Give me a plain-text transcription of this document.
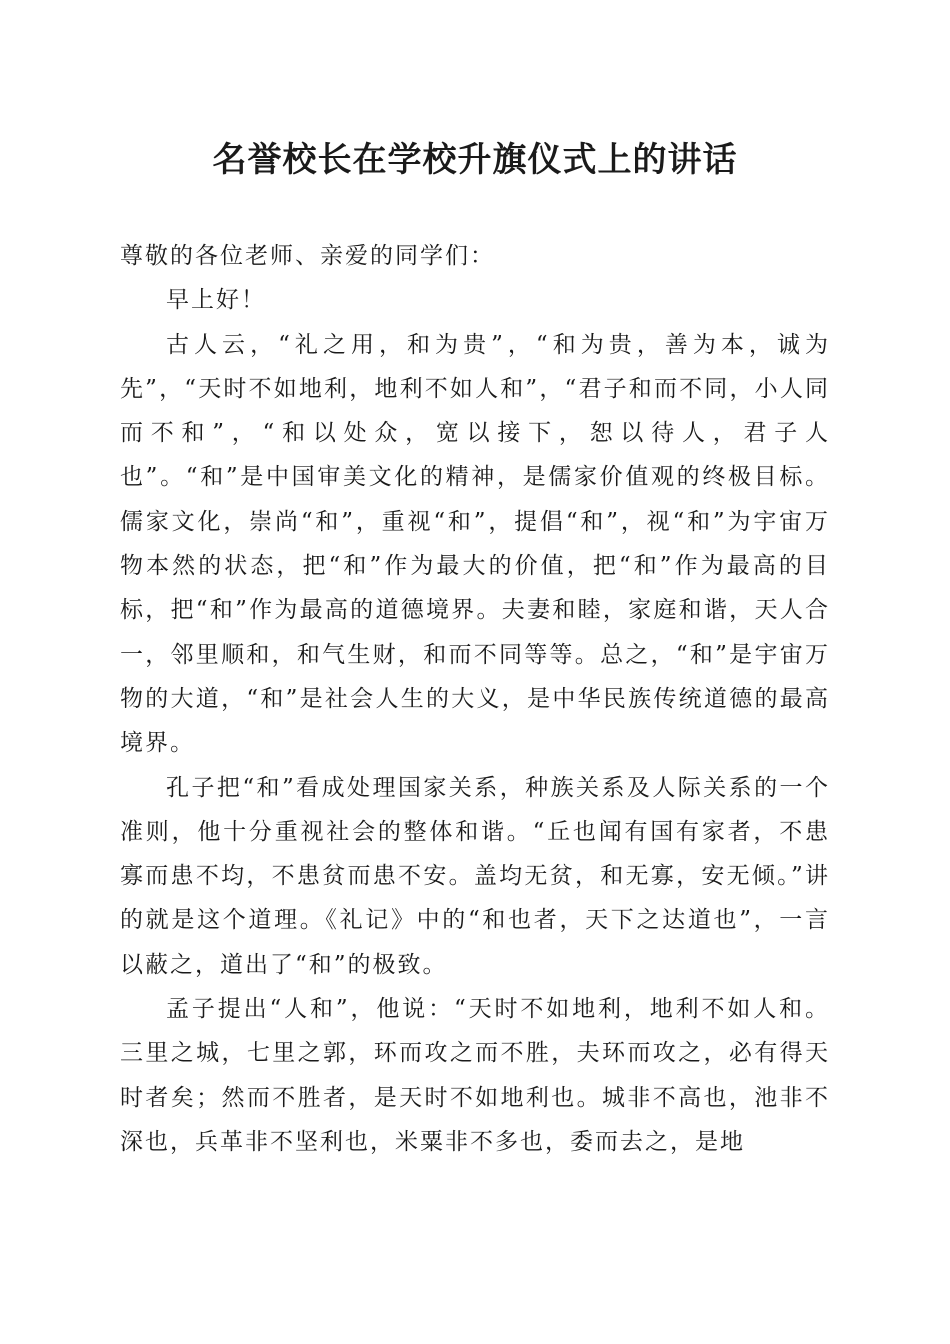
名誉校长在学校升旗仪式上的讲话

尊敬的各位老师、亲爱的同学们：

早上好！

古人云，“礼之用，和为贵”，“和为贵，善为本，诚为先”，“天时不如地利，地利不如人和”，“君子和而不同，小人同而不和”，“和以处众，宽以接下，恕以待人，君子人也”。“和”是中国审美文化的精神，是儒家价值观的终极目标。儒家文化，崇尚“和”，重视“和”，提倡“和”，视“和”为宇宙万物本然的状态，把“和”作为最大的价值，把“和”作为最高的目标，把“和”作为最高的道德境界。夫妻和睦，家庭和谐，天人合一，邻里顺和，和气生财，和而不同等等。总之，“和”是宇宙万物的大道，“和”是社会人生的大义，是中华民族传统道德的最高境界。

孔子把“和”看成处理国家关系，种族关系及人际关系的一个准则，他十分重视社会的整体和谐。“丘也闻有国有家者，不患寡而患不均，不患贫而患不安。盖均无贫，和无寡，安无倾。”讲的就是这个道理。《礼记》中的“和也者，天下之达道也”，一言以蔽之，道出了“和”的极致。

孟子提出“人和”，他说：“天时不如地利，地利不如人和。三里之城，七里之郭，环而攻之而不胜，夫环而攻之，必有得天时者矣；然而不胜者，是天时不如地利也。城非不高也，池非不深也，兵革非不坚利也，米粟非不多也，委而去之，是地
